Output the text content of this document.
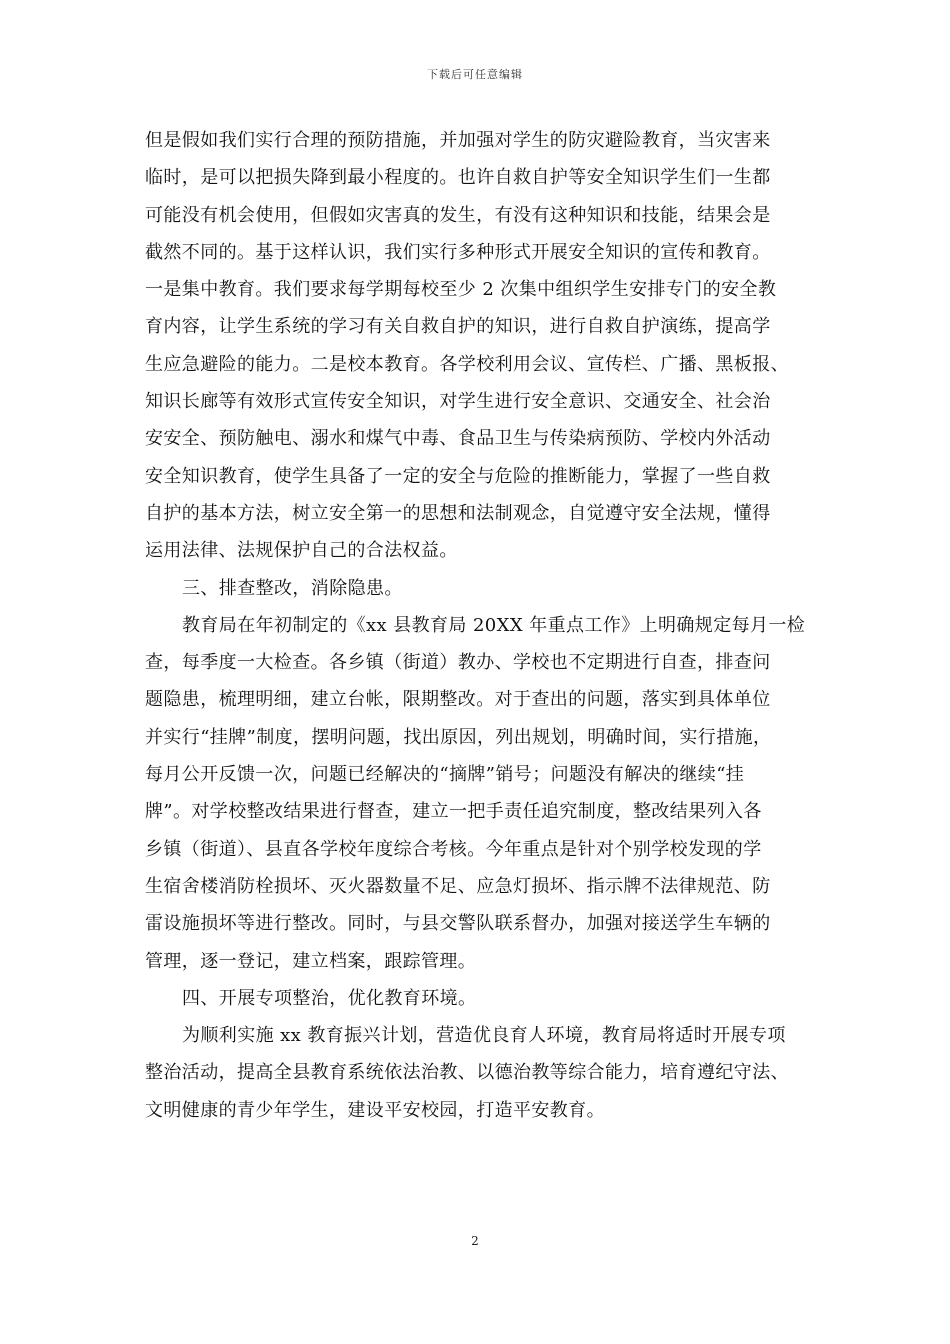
下载后可任意编辑
但是假如我们实行合理的预防措施，并加强对学生的防灾避险教育，当灾害来
临时，是可以把损失降到最小程度的。也许自救自护等安全知识学生们一生都
可能没有机会使用，但假如灾害真的发生，有没有这种知识和技能，结果会是
截然不同的。基于这样认识，我们实行多种形式开展安全知识的宣传和教育。
一是集中教育。我们要求每学期每校至少 2 次集中组织学生安排专门的安全教
育内容，让学生系统的学习有关自救自护的知识，进行自救自护演练，提高学
生应急避险的能力。二是校本教育。各学校利用会议、宣传栏、广播、黑板报、
知识长廊等有效形式宣传安全知识，对学生进行安全意识、交通安全、社会治
安安全、预防触电、溺水和煤气中毒、食品卫生与传染病预防、学校内外活动
安全知识教育，使学生具备了一定的安全与危险的推断能力，掌握了一些自救
自护的基本方法，树立安全第一的思想和法制观念，自觉遵守安全法规，懂得
运用法律、法规保护自己的合法权益。
三、排查整改，消除隐患。
教育局在年初制定的《xx 县教育局 20XX 年重点工作》上明确规定每月一检
查，每季度一大检查。各乡镇（街道）教办、学校也不定期进行自查，排查问
题隐患，梳理明细，建立台帐，限期整改。对于查出的问题，落实到具体单位
并实行“挂牌”制度，摆明问题，找出原因，列出规划，明确时间，实行措施，
每月公开反馈一次，问题已经解决的“摘牌”销号；问题没有解决的继续“挂
牌”。对学校整改结果进行督查，建立一把手责任追究制度，整改结果列入各
乡镇（街道）、县直各学校年度综合考核。今年重点是针对个别学校发现的学
生宿舍楼消防栓损坏、灭火器数量不足、应急灯损坏、指示牌不法律规范、防
雷设施损坏等进行整改。同时，与县交警队联系督办，加强对接送学生车辆的
管理，逐一登记，建立档案，跟踪管理。
四、开展专项整治，优化教育环境。
为顺利实施 xx 教育振兴计划，营造优良育人环境，教育局将适时开展专项
整治活动，提高全县教育系统依法治教、以德治教等综合能力，培育遵纪守法、
文明健康的青少年学生，建设平安校园，打造平安教育。
2
